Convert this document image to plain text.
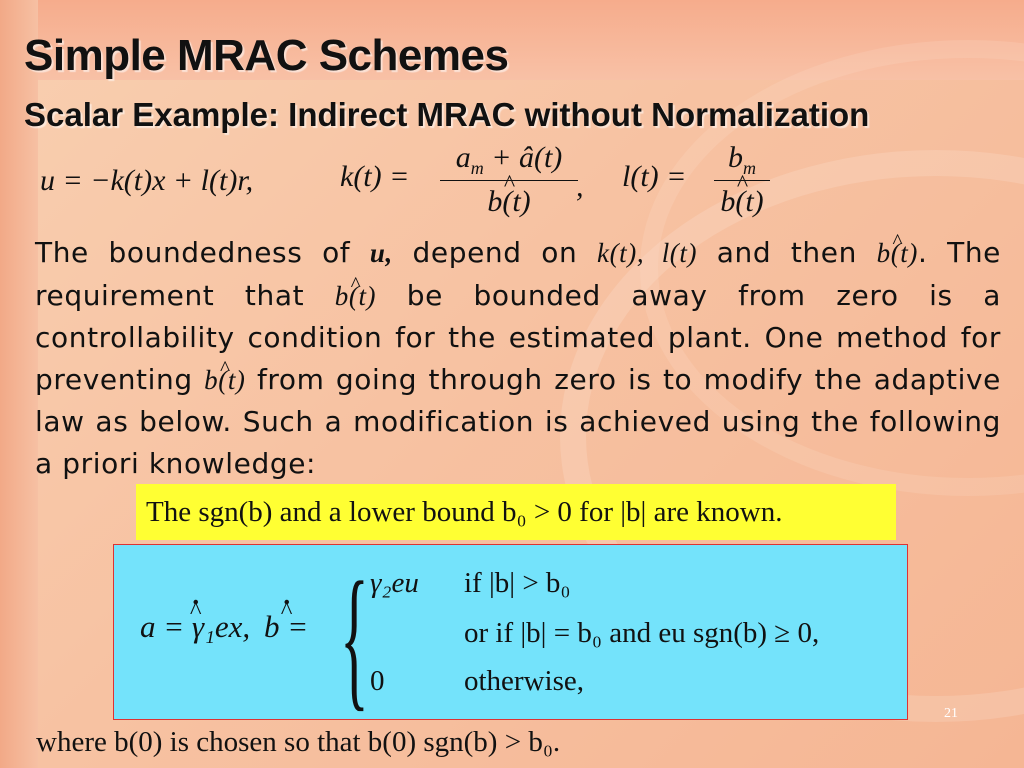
Simple MRAC Schemes
Scalar Example: Indirect MRAC without Normalization
u = −k(t)x + l(t)r,	$k(t) = a_m$ + â(t)
^ b(t)
, $l(t) = b_m$
^ b(t)

The boundedness of u, depend on k(t), l(t) and then ^ b(t). The requirement that ^ b(t) be bounded away from zero is a controllability condition for the estimated plant. One method for preventing ^ b(t) from going through zero is to modify the adaptive law as below. Such a modification is achieved using the following a priori knowledge:

The sgn(b) and a lower bound b₀ > 0 for |b| are known.
^ a = γ₁ex, . ^ b = . { γ₂eu if |b| > b₀
or if |b| = b₀ and eu sgn(b) ≥ 0,
0	otherwise,
21
where b(0) is chosen so that b(0) sgn(b) > b₀.
